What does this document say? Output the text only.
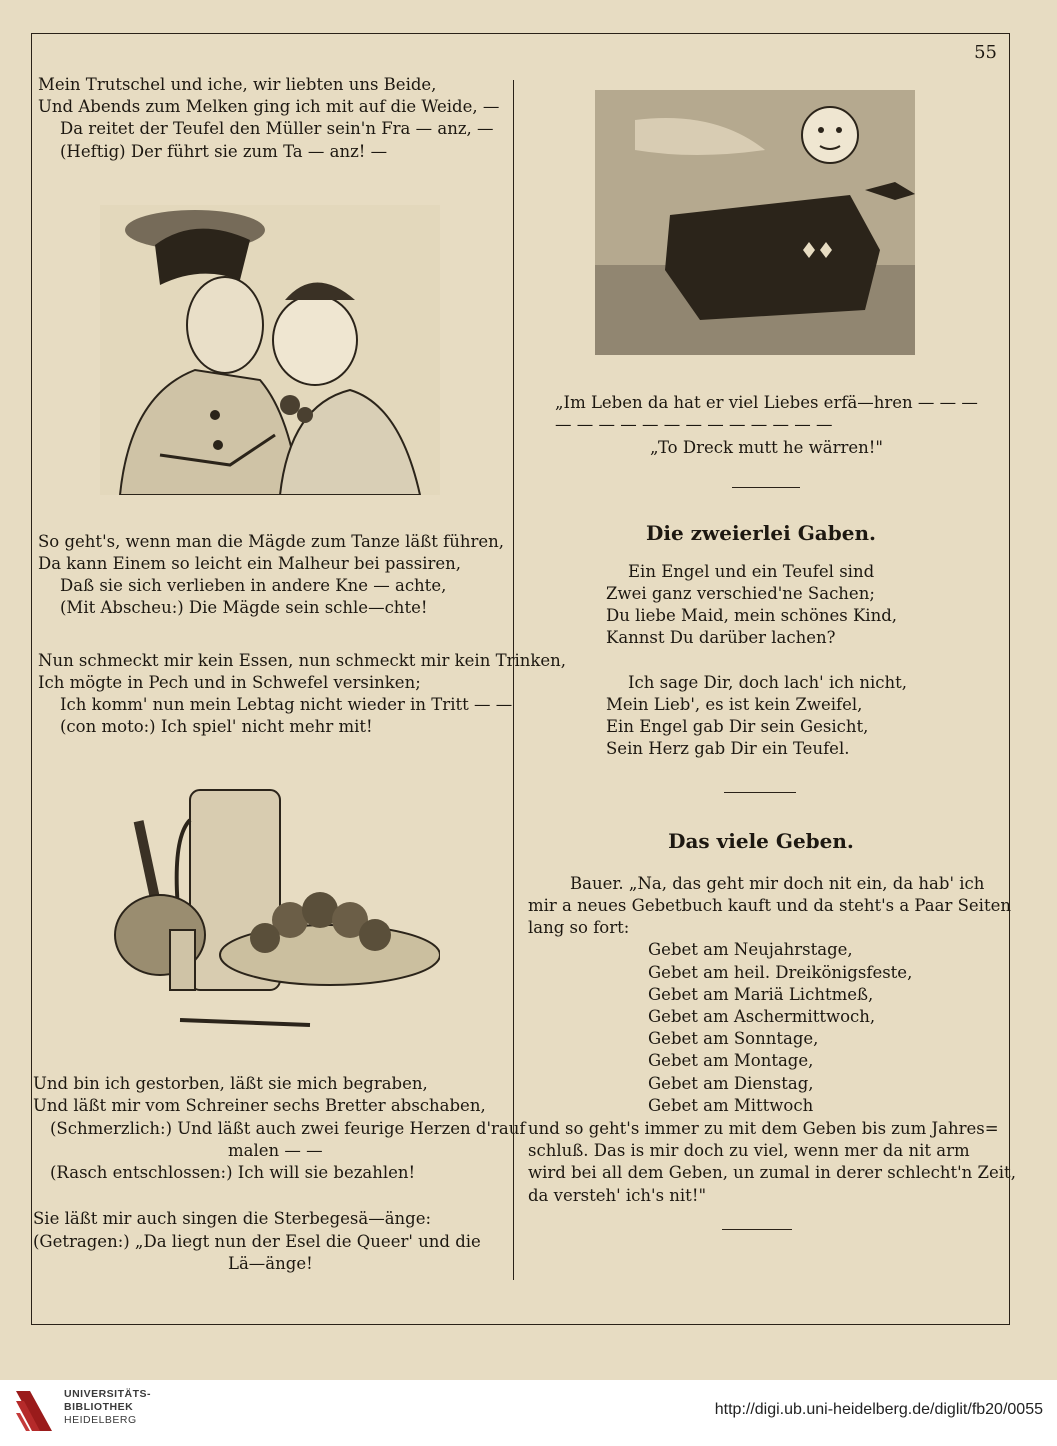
55
Mein Trutschel und iche, wir liebten uns Beide,
Und Abends zum Melken ging ich mit auf die Weide, —
Da reitet der Teufel den Müller sein'n Fra — anz, —
(Heftig) Der führt sie zum Ta — anz! —
So geht's, wenn man die Mägde zum Tanze läßt führen,
Da kann Einem so leicht ein Malheur bei passiren,
Daß sie sich verlieben in andere Kne — achte,
(Mit Abscheu:) Die Mägde sein schle—chte!
Nun schmeckt mir kein Essen, nun schmeckt mir kein Trinken,
Ich mögte in Pech und in Schwefel versinken;
Ich komm' nun mein Lebtag nicht wieder in Tritt — —
(con moto:) Ich spiel' nicht mehr mit!
Und bin ich gestorben, läßt sie mich begraben,
Und läßt mir vom Schreiner sechs Bretter abschaben,
(Schmerzlich:) Und läßt auch zwei feurige Herzen d'rauf
malen — —
(Rasch entschlossen:) Ich will sie bezahlen!
Sie läßt mir auch singen die Sterbegesä—änge:
(Getragen:) „Da liegt nun der Esel die Queer' und die
Lä—änge!
„Im Leben da hat er viel Liebes erfä—hren — — —
— — — — — — — — — — — — —
„To Dreck mutt he wärren!"
Die zweierlei Gaben.
Ein Engel und ein Teufel sind
Zwei ganz verschied'ne Sachen;
Du liebe Maid, mein schönes Kind,
Kannst Du darüber lachen?
Ich sage Dir, doch lach' ich nicht,
Mein Lieb', es ist kein Zweifel,
Ein Engel gab Dir sein Gesicht,
Sein Herz gab Dir ein Teufel.
Das viele Geben.
Bauer. „Na, das geht mir doch nit ein, da hab' ich
mir a neues Gebetbuch kauft und da steht's a Paar Seiten
lang so fort:
Gebet am Neujahrstage,
Gebet am heil. Dreikönigsfeste,
Gebet am Mariä Lichtmeß,
Gebet am Aschermittwoch,
Gebet am Sonntage,
Gebet am Montage,
Gebet am Dienstag,
Gebet am Mittwoch
und so geht's immer zu mit dem Geben bis zum Jahres=
schluß. Das is mir doch zu viel, wenn mer da nit arm
wird bei all dem Geben, un zumal in derer schlecht'n Zeit,
da versteh' ich's nit!"
UNIVERSITÄTS-
BIBLIOTHEK
HEIDELBERG
http://digi.ub.uni-heidelberg.de/diglit/fb20/0055
